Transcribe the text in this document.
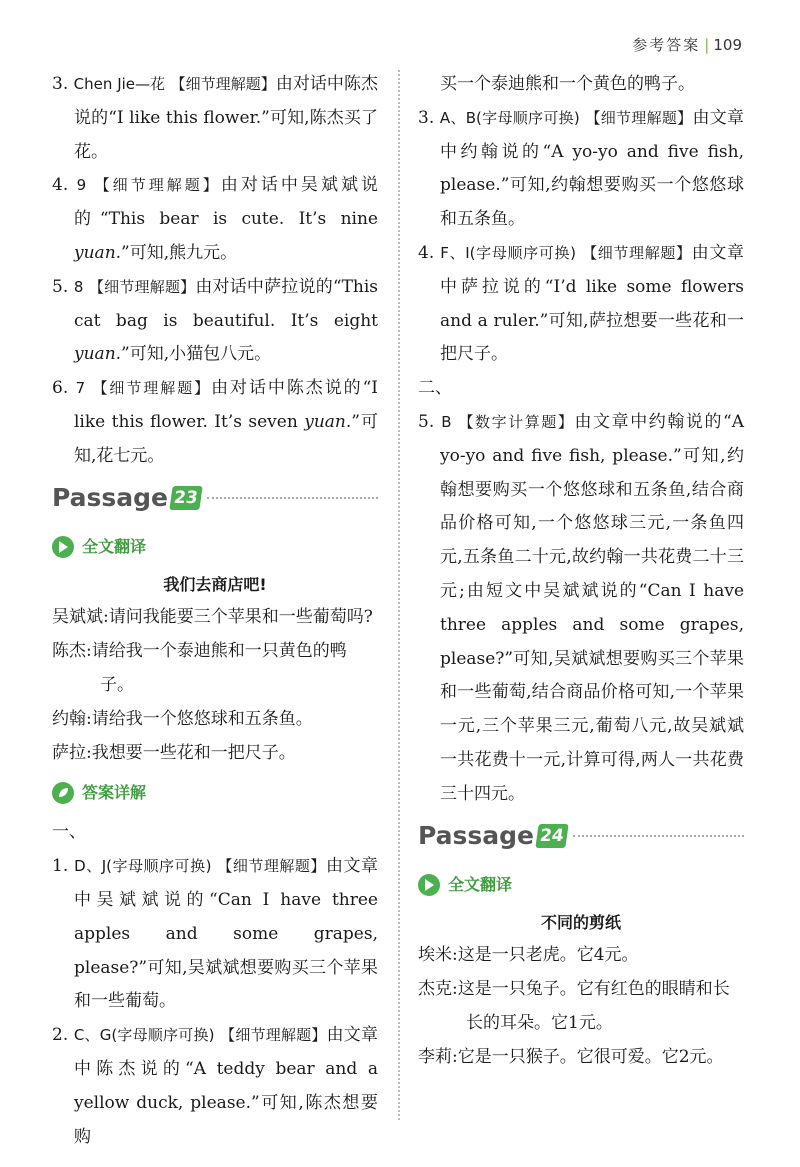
参考答案 | 109
3. Chen Jie—花 【细节理解题】由对话中陈杰说的“I like this flower.”可知,陈杰买了花。
4. 9 【细节理解题】由对话中吴斌斌说的“This bear is cute. It’s nine yuan.”可知,熊九元。
5. 8 【细节理解题】由对话中萨拉说的“This cat bag is beautiful. It’s eight yuan.”可知,小猫包八元。
6. 7 【细节理解题】由对话中陈杰说的“I like this flower. It’s seven yuan.”可知,花七元。
Passage 23
全文翻译
我们去商店吧!
吴斌斌:请问我能要三个苹果和一些葡萄吗?
陈杰:请给我一个泰迪熊和一只黄色的鸭子。
约翰:请给我一个悠悠球和五条鱼。
萨拉:我想要一些花和一把尺子。
答案详解
一、
1. D、J(字母顺序可换) 【细节理解题】由文章中吴斌斌说的“Can I have three apples and some grapes, please?”可知,吴斌斌想要购买三个苹果和一些葡萄。
2. C、G(字母顺序可换) 【细节理解题】由文章中陈杰说的“A teddy bear and a yellow duck, please.”可知,陈杰想要购
买一个泰迪熊和一个黄色的鸭子。
3. A、B(字母顺序可换) 【细节理解题】由文章中约翰说的“A yo-yo and five fish, please.”可知,约翰想要购买一个悠悠球和五条鱼。
4. F、I(字母顺序可换) 【细节理解题】由文章中萨拉说的“I’d like some flowers and a ruler.”可知,萨拉想要一些花和一把尺子。
二、
5. B 【数字计算题】由文章中约翰说的“A yo-yo and five fish, please.”可知,约翰想要购买一个悠悠球和五条鱼,结合商品价格可知,一个悠悠球三元,一条鱼四元,五条鱼二十元,故约翰一共花费二十三元;由短文中吴斌斌说的“Can I have three apples and some grapes, please?”可知,吴斌斌想要购买三个苹果和一些葡萄,结合商品价格可知,一个苹果一元,三个苹果三元,葡萄八元,故吴斌斌一共花费十一元,计算可得,两人一共花费三十四元。
Passage 24
全文翻译
不同的剪纸
埃米:这是一只老虎。它4元。
杰克:这是一只兔子。它有红色的眼睛和长长的耳朵。它1元。
李莉:它是一只猴子。它很可爱。它2元。
